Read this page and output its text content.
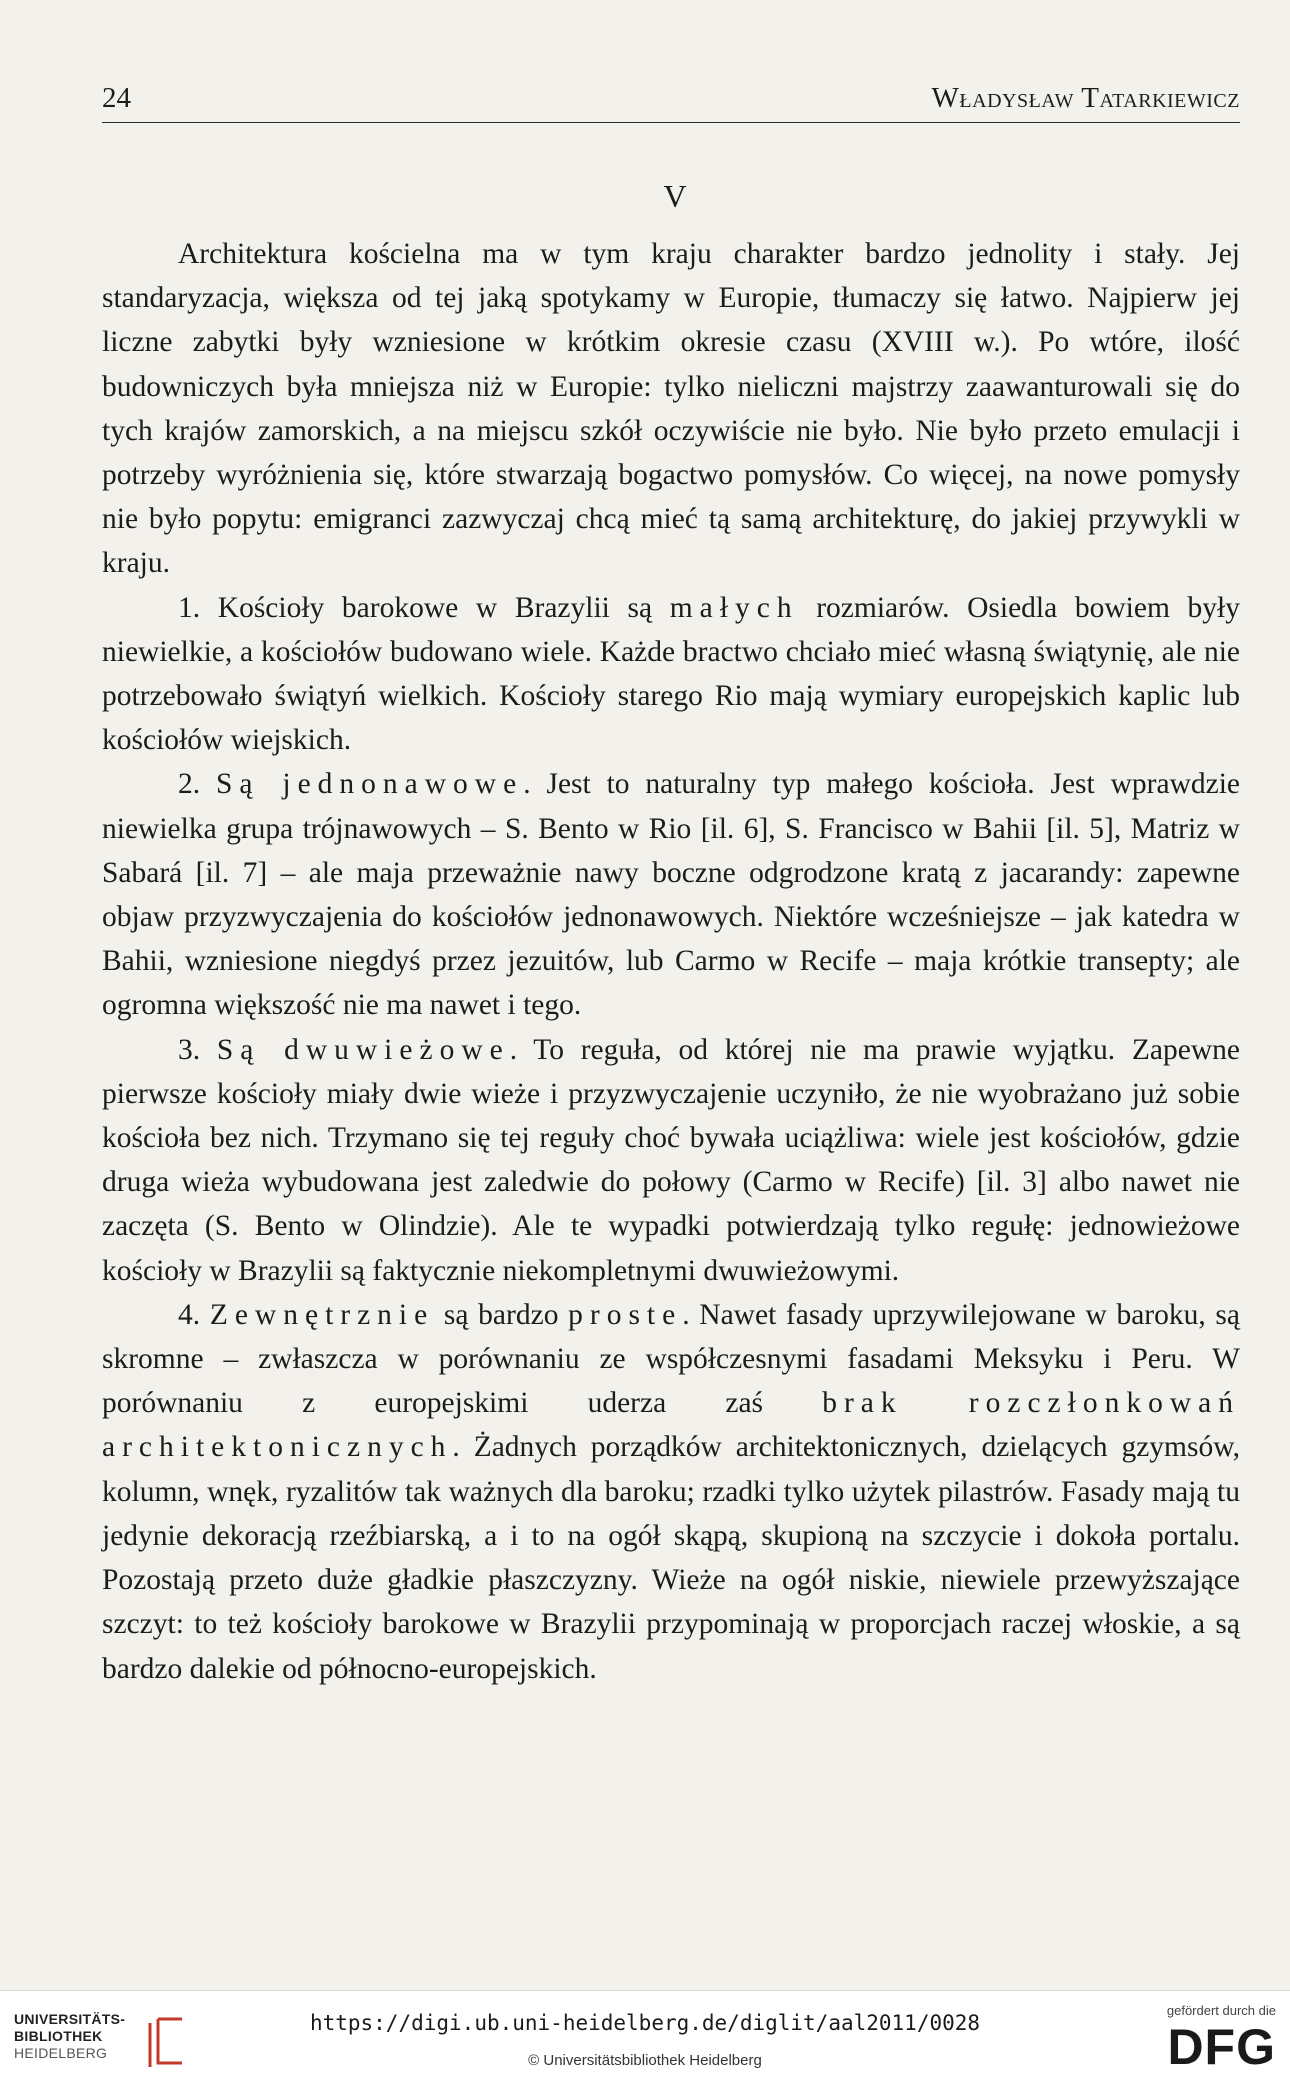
24	Władysław Tatarkiewicz
V

Architektura kościelna ma w tym kraju charakter bardzo jednolity i stały. Jej standaryzacja, większa od tej jaką spotykamy w Europie, tłumaczy się łatwo. Najpierw jej liczne zabytki były wzniesione w krótkim okresie czasu (XVIII w.). Po wtóre, ilość budowniczych była mniejsza niż w Europie: tylko nieliczni majstrzy zaawanturowali się do tych krajów zamorskich, a na miejscu szkół oczywiście nie było. Nie było przeto emulacji i potrzeby wyróżnienia się, które stwarzają bogactwo pomysłów. Co więcej, na nowe pomysły nie było popytu: emigranci zazwyczaj chcą mieć tą samą architekturę, do jakiej przywykli w kraju.

1. Kościoły barokowe w Brazylii są małych rozmiarów. Osiedla bowiem były niewielkie, a kościołów budowano wiele. Każde bractwo chciało mieć własną świątynię, ale nie potrzebowało świątyń wielkich. Kościoły starego Rio mają wymiary europejskich kaplic lub kościołów wiejskich.

2. Są jednonawowe. Jest to naturalny typ małego kościoła. Jest wprawdzie niewielka grupa trójnawowych – S. Bento w Rio [il. 6], S. Francisco w Bahii [il. 5], Matriz w Sabará [il. 7] – ale maja przeważnie nawy boczne odgrodzone kratą z jacarandy: zapewne objaw przyzwyczajenia do kościołów jednonawowych. Niektóre wcześniejsze – jak katedra w Bahii, wzniesione niegdyś przez jezuitów, lub Carmo w Recife – maja krótkie transepty; ale ogromna większość nie ma nawet i tego.

3. Są dwuwieżowe. To reguła, od której nie ma prawie wyjątku. Zapewne pierwsze kościoły miały dwie wieże i przyzwyczajenie uczyniło, że nie wyobrażano już sobie kościoła bez nich. Trzymano się tej reguły choć bywała uciążliwa: wiele jest kościołów, gdzie druga wieża wybudowana jest zaledwie do połowy (Carmo w Recife) [il. 3] albo nawet nie zaczęta (S. Bento w Olindzie). Ale te wypadki potwierdzają tylko regułę: jednowieżowe kościoły w Brazylii są faktycznie niekompletnymi dwuwieżowymi.

4. Zewnętrznie są bardzo proste. Nawet fasady uprzywilejowane w baroku, są skromne – zwłaszcza w porównaniu ze współczesnymi fasadami Meksyku i Peru. W porównaniu z europejskimi uderza zaś brak rozczłonkowań architektonicznych. Żadnych porządków architektonicznych, dzielących gzymsów, kolumn, wnęk, ryzalitów tak ważnych dla baroku; rzadki tylko użytek pilastrów. Fasady mają tu jedynie dekoracją rzeźbiarską, a i to na ogół skąpą, skupioną na szczycie i dokoła portalu. Pozostają przeto duże gładkie płaszczyzny. Wieże na ogół niskie, niewiele przewyższające szczyt: to też kościoły barokowe w Brazylii przypominają w proporcjach raczej włoskie, a są bardzo dalekie od północno-europejskich.

UNIVERSITÄTS-
BIBLIOTHEK
HEIDELBERG
https://digi.ub.uni-heidelberg.de/diglit/aal2011/0028
© Universitätsbibliothek Heidelberg
gefördert durch die
DFG
